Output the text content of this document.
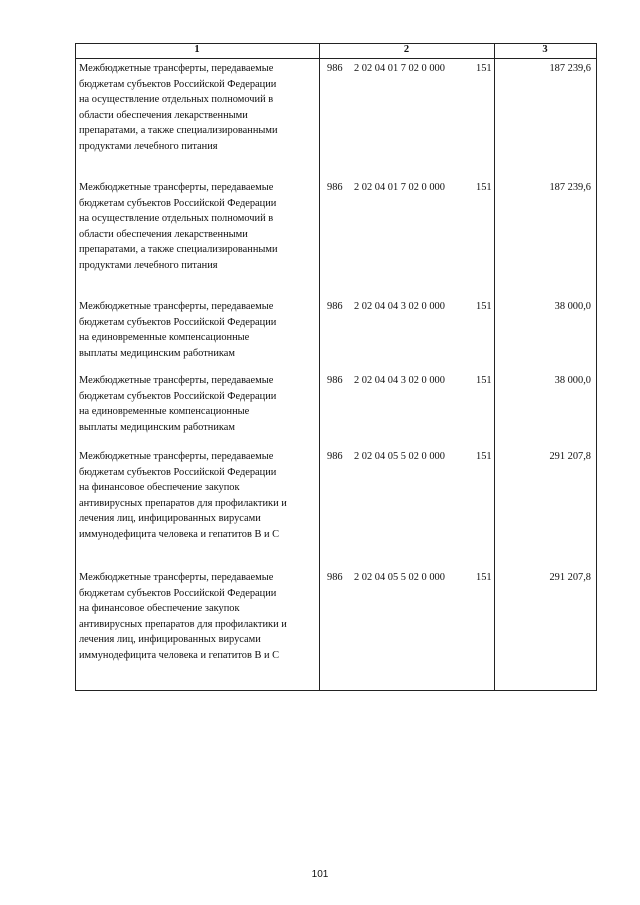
1	2	3
Межбюджетные трансферты, передаваемые
бюджетам субъектов Российской Федерации
на осуществление отдельных полномочий в
области обеспечения лекарственными
препаратами, а также специализированными
продуктами лечебного питания
986 2 02 04 01 7 02 0 000	151	187 239,6
Межбюджетные трансферты, передаваемые
бюджетам субъектов Российской Федерации
на осуществление отдельных полномочий в
области обеспечения лекарственными
препаратами, а также специализированными
продуктами лечебного питания
986 2 02 04 01 7 02 0 000	151	187 239,6
Межбюджетные трансферты, передаваемые
бюджетам субъектов Российской Федерации
на единовременные компенсационные
выплаты медицинским работникам
986 2 02 04 04 3 02 0 000	151	38 000,0
Межбюджетные трансферты, передаваемые
бюджетам субъектов Российской Федерации
на единовременные компенсационные
выплаты медицинским работникам
986 2 02 04 04 3 02 0 000	151	38 000,0
Межбюджетные трансферты, передаваемые
бюджетам субъектов Российской Федерации
на финансовое обеспечение закупок
антивирусных препаратов для профилактики и
лечения лиц, инфицированных вирусами
иммунодефицита человека и гепатитов B и C
986 2 02 04 05 5 02 0 000	151	291 207,8
Межбюджетные трансферты, передаваемые
бюджетам субъектов Российской Федерации
на финансовое обеспечение закупок
антивирусных препаратов для профилактики и
лечения лиц, инфицированных вирусами
иммунодефицита человека и гепатитов B и C
986 2 02 04 05 5 02 0 000	151	291 207,8
101
